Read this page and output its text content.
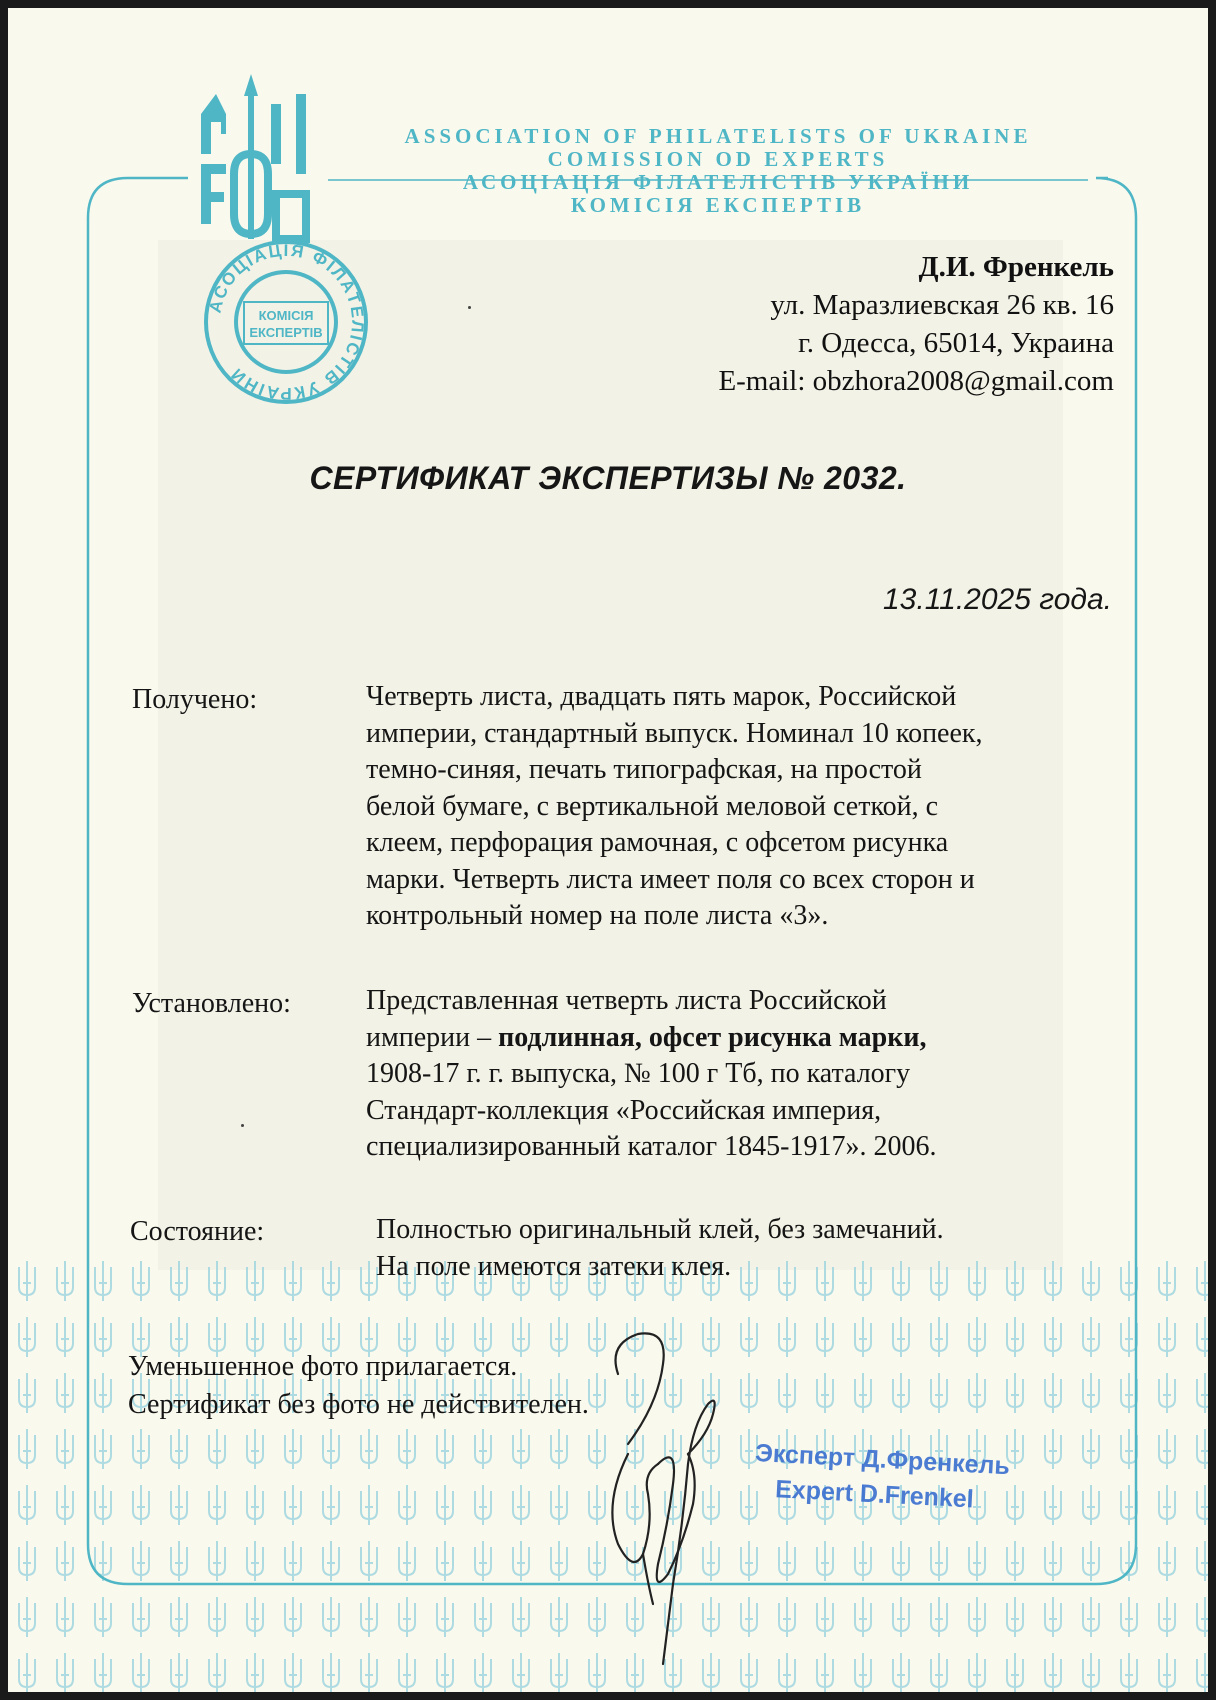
АСОЦІАЦІЯ ФІЛАТЕЛІСТІВ УКРАЇНИ
КОМІСІЯ
ЕКСПЕРТІВ
ASSOCIATION OF PHILATELISTS OF UKRAINE
COMISSION OD EXPERTS
АСОЦІАЦІЯ ФІЛАТЕЛІСТІВ УКРАЇНИ
КОМІСІЯ ЕКСПЕРТІВ
Д.И. Френкель
ул. Маразлиевская 26 кв. 16
г. Одесса, 65014, Украина
E-mail: obzhora2008@gmail.com
СЕРТИФИКАТ ЭКСПЕРТИЗЫ № 2032.
13.11.2025 года.
Получено:	Четверть листа, двадцать пять марок, Российской
империи, стандартный выпуск. Номинал 10 копеек,
темно-синяя, печать типографская, на простой
белой бумаге, с вертикальной меловой сеткой, с
клеем, перфорация рамочная, с офсетом рисунка
марки. Четверть листа имеет поля со всех сторон и
контрольный номер на поле листа «3».
Установлено:	Представленная четверть листа Российской
империи – подлинная, офсет рисунка марки,
1908-17 г. г. выпуска, № 100 г Тб, по каталогу
Стандарт-коллекция «Российская империя,
специализированный каталог 1845-1917». 2006.
Состояние:	Полностью оригинальный клей, без замечаний.
На поле имеются затеки клея.
Уменьшенное фото прилагается.
Сертификат без фото не действителен.
Эксперт Д.Френкель
Expert D.Frenkel
